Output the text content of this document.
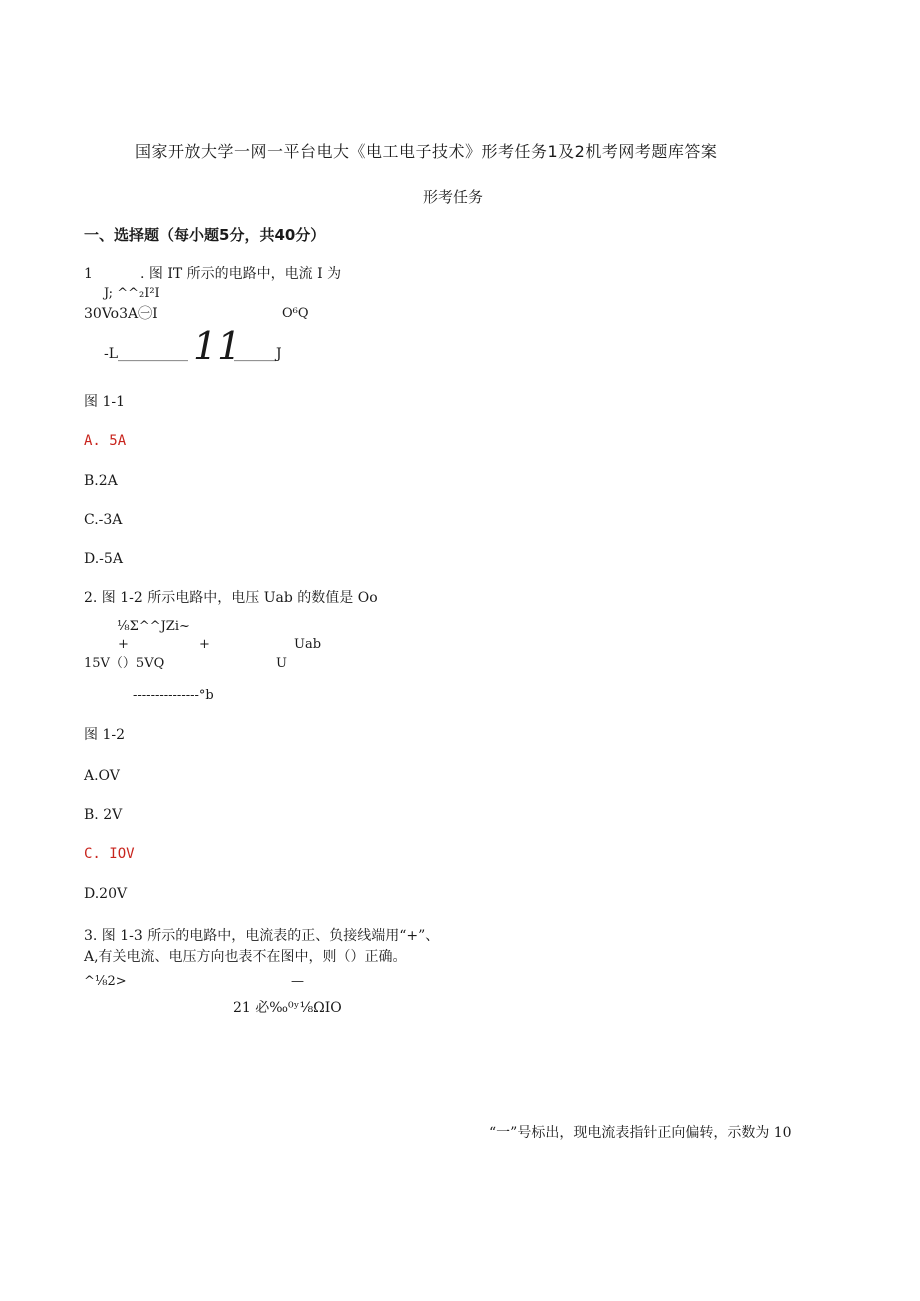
国家开放大学一网一平台电大《电工电子技术》形考任务1及2机考网考题库答案
形考任务
一、选择题（每小题5分，共40分）
1	. 图 IT 所示的电路中，电流 I 为
J; ^^₂I²I
30Vo3A㊀I	O⁶Q
-L__________ 11
______J
图 1-1
A. 5A
B.2A
C.-3A
D.-5A
2. 图 1-2 所示电路中，电压 Uab 的数值是 Oo
⅛Σ^^JZi~
+	+	Uab
15V（）5VQ	U
---------------°b
图 1-2
A.OV
B. 2V
C. IOV
D.20V
3. 图 1-3 所示的电路中，电流表的正、负接线端用“+”、
A,有关电流、电压方向也表不在图中，则（）正确。
^⅛2>	—
21 必‰⁰ʸ⅛ΩIO
“一”号标出，现电流表指针正向偏转，示数为 10
